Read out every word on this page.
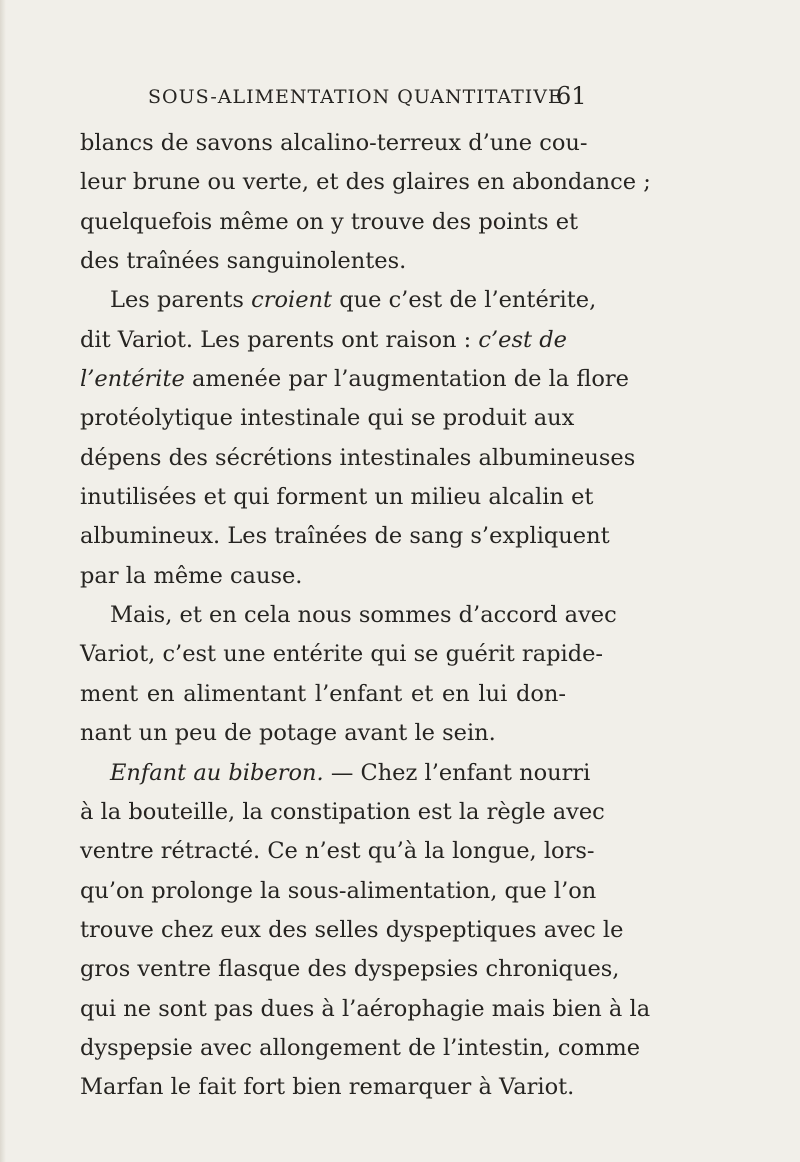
SOUS-ALIMENTATION QUANTITATIVE
61

blancs de savons alcalino-terreux d’une cou-
leur brune ou verte, et des glaires en abondance ;
quelquefois même on y trouve des points et
des traînées sanguinolentes.

Les parents croient que c’est de l’entérite,
dit Variot. Les parents ont raison : c’est de
l’entérite amenée par l’augmentation de la flore
protéolytique intestinale qui se produit aux
dépens des sécrétions intestinales albumineuses
inutilisées et qui forment un milieu alcalin et
albumineux. Les traînées de sang s’expliquent
par la même cause.

Mais, et en cela nous sommes d’accord avec
Variot, c’est une entérite qui se guérit rapide-
ment en alimentant l’enfant et en lui don-
nant un peu de potage avant le sein.

Enfant au biberon. — Chez l’enfant nourri
à la bouteille, la constipation est la règle avec
ventre rétracté. Ce n’est qu’à la longue, lors-
qu’on prolonge la sous-alimentation, que l’on
trouve chez eux des selles dyspeptiques avec le
gros ventre flasque des dyspepsies chroniques,
qui ne sont pas dues à l’aérophagie mais bien à la
dyspepsie avec allongement de l’intestin, comme
Marfan le fait fort bien remarquer à Variot.
